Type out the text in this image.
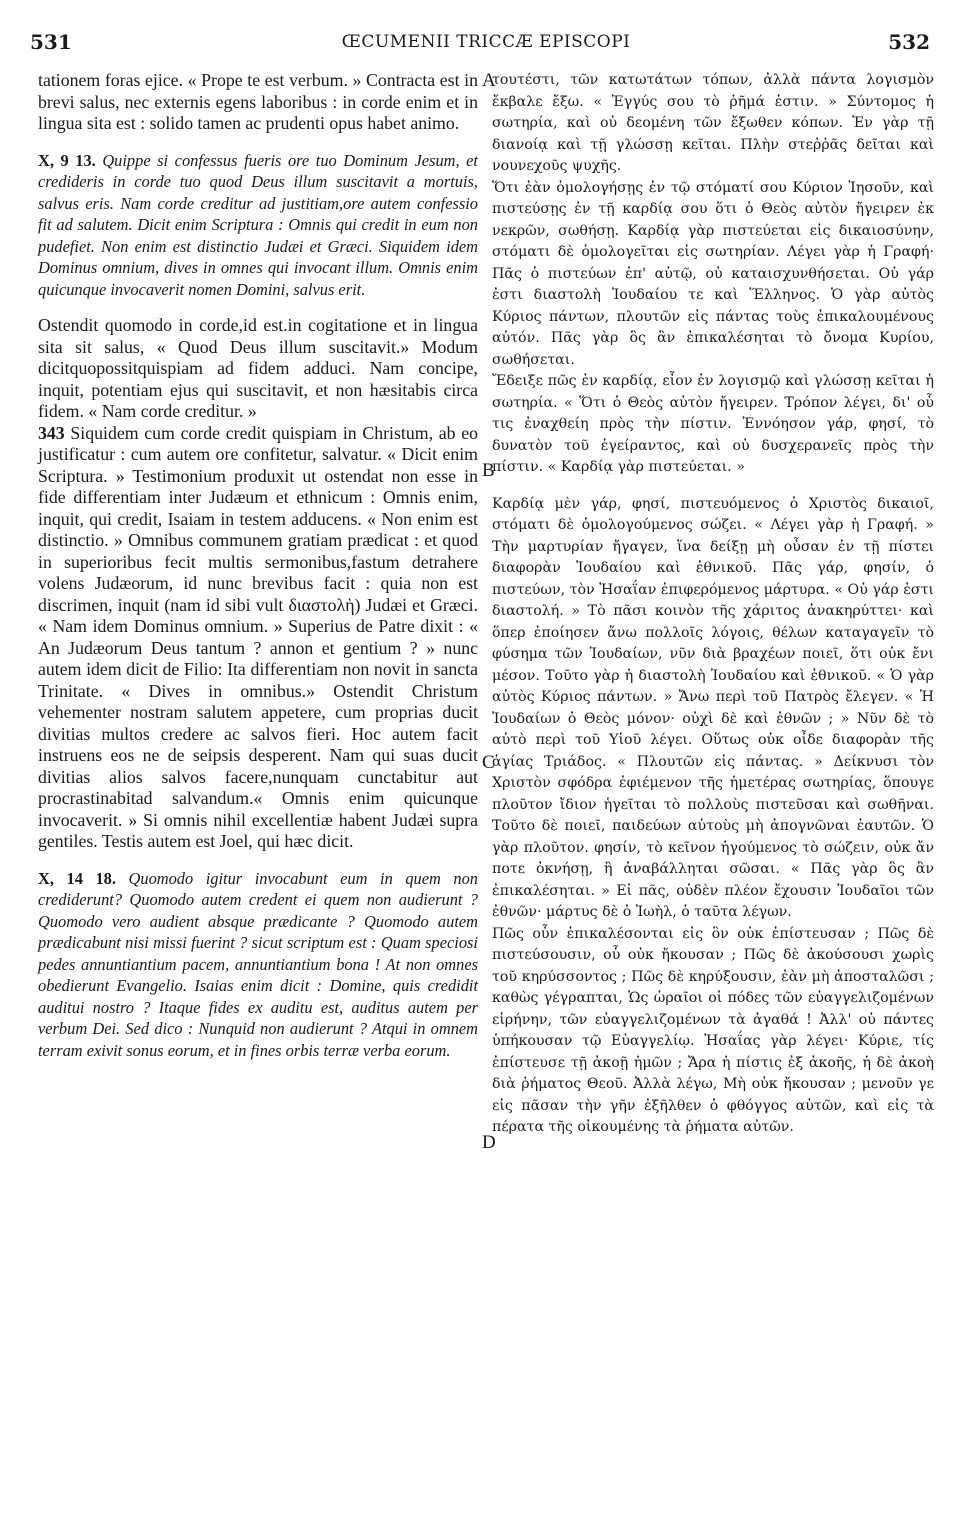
531	ŒCUMENII TRICCÆ EPISCOPI	532

tationem foras ejice. « Prope te est verbum. » Contracta est in brevi salus, nec externis egens laboribus : in corde enim et in lingua sita est : solido tamen ac prudenti opus habet animo.

X, 9 13. Quippe si confessus fueris ore tuo Dominum Jesum, et credideris in corde tuo quod Deus illum suscitavit a mortuis, salvus eris. Nam corde creditur ad justitiam,ore autem confessio fit ad salutem. Dicit enim Scriptura : Omnis qui credit in eum non pudefiet. Non enim est distinctio Judæi et Græci. Siquidem idem Dominus omnium, dives in omnes qui invocant illum. Omnis enim quicunque invocaverit nomen Domini, salvus erit.

Ostendit quomodo in corde,id est.in cogitatione et in lingua sita sit salus, « Quod Deus illum suscitavit.» Modum dicitquopossitquispiam ad fidem adduci. Nam concipe, inquit, potentiam ejus qui suscitavit, et non hæsitabis circa fidem. « Nam corde creditur. »

343 Siquidem cum corde credit quispiam in Christum, ab eo justificatur : cum autem ore confitetur, salvatur. « Dicit enim Scriptura. » Testimonium produxit ut ostendat non esse in fide differentiam inter Judæum et ethnicum : Omnis enim, inquit, qui credit, Isaiam in testem adducens. « Non enim est distinctio. » Omnibus communem gratiam prædicat : et quod in superioribus fecit multis sermonibus,fastum detrahere volens Judæorum, id nunc brevibus facit : quia non est discrimen, inquit (nam id sibi vult διαστολὴ) Judæi et Græci. « Nam idem Dominus omnium. » Superius de Patre dixit : « An Judæorum Deus tantum ? annon et gentium ? » nunc autem idem dicit de Filio: Ita differentiam non novit in sancta Trinitate. « Dives in omnibus.» Ostendit Christum vehementer nostram salutem appetere, cum proprias ducit divitias multos credere ac salvos fieri. Hoc autem facit instruens eos ne de seipsis desperent. Nam qui suas ducit divitias alios salvos facere,nunquam cunctabitur aut procrastinabitad salvandum.« Omnis enim quicunque invocaverit. » Si omnis nihil excellentiæ habent Judæi supra gentiles. Testis autem est Joel, qui hæc dicit.

X, 14 18. Quomodo igitur invocabunt eum in quem non crediderunt? Quomodo autem credent ei quem non audierunt ? Quomodo vero audient absque prædicante ? Quomodo autem prædicabunt nisi missi fuerint ? sicut scriptum est : Quam speciosi pedes annuntiantium pacem, annuntiantium bona ! At non omnes obedierunt Evangelio. Isaias enim dicit : Domine, quis credidit auditui nostro ? Itaque fides ex auditu est, auditus autem per verbum Dei. Sed dico : Nunquid non audierunt ? Atqui in omnem terram exivit sonus eorum, et in fines orbis terræ verba eorum.

A
B
C
D

τουτέστι, τῶν κατωτάτων τόπων, ἀλλὰ πάντα λογισμὸν ἔκβαλε ἔξω. « Ἐγγύς σου τὸ ῥῆμά ἐστιν. » Σύντομος ἡ σωτηρία, καὶ οὐ δεομένη τῶν ἔξωθεν κόπων. Ἐν γὰρ τῇ διανοίᾳ καὶ τῇ γλώσσῃ κεῖται. Πλὴν στεῤῥᾶς δεῖται καὶ νουνεχοῦς ψυχῆς.

Ὅτι ἐὰν ὁμολογήσῃς ἐν τῷ στόματί σου Κύριον Ἰησοῦν, καὶ πιστεύσῃς ἐν τῇ καρδίᾳ σου ὅτι ὁ Θεὸς αὐτὸν ἤγειρεν ἐκ νεκρῶν, σωθήσῃ. Καρδίᾳ γὰρ πιστεύεται εἰς δικαιοσύνην, στόματι δὲ ὁμολογεῖται εἰς σωτηρίαν. Λέγει γὰρ ἡ Γραφή· Πᾶς ὁ πιστεύων ἐπ' αὐτῷ, οὐ καταισχυνθήσεται. Οὐ γάρ ἐστι διαστολὴ Ἰουδαίου τε καὶ Ἕλληνος. Ὁ γὰρ αὐτὸς Κύριος πάντων, πλουτῶν εἰς πάντας τοὺς ἐπικαλουμένους αὐτόν. Πᾶς γὰρ ὃς ἂν ἐπικαλέσηται τὸ ὄνομα Κυρίου, σωθήσεται.

Ἔδειξε πῶς ἐν καρδίᾳ, εἶον ἐν λογισμῷ καὶ γλώσσῃ κεῖται ἡ σωτηρία. « Ὅτι ὁ Θεὸς αὐτὸν ἤγειρεν. Τρόπον λέγει, δι' οὗ τις ἐναχθείη πρὸς τὴν πίστιν. Ἐννόησον γάρ, φησί, τὸ δυνατὸν τοῦ ἐγείραντος, καὶ οὐ δυσχερανεῖς πρὸς τὴν πίστιν. « Καρδίᾳ γὰρ πιστεύεται. »

Καρδίᾳ μὲν γάρ, φησί, πιστευόμενος ὁ Χριστὸς δικαιοῖ, στόματι δὲ ὁμολογούμενος σώζει. « Λέγει γὰρ ἡ Γραφή. » Τὴν μαρτυρίαν ἤγαγεν, ἵνα δείξῃ μὴ οὖσαν ἐν τῇ πίστει διαφορὰν Ἰουδαίου καὶ ἐθνικοῦ. Πᾶς γάρ, φησίν, ὁ πιστεύων, τὸν Ἠσαΐαν ἐπιφερόμενος μάρτυρα. « Οὐ γάρ ἐστι διαστολή. » Τὸ πᾶσι κοινὸν τῆς χάριτος ἀνακηρύττει· καὶ ὅπερ ἐποίησεν ἄνω πολλοῖς λόγοις, θέλων καταγαγεῖν τὸ φύσημα τῶν Ἰουδαίων, νῦν διὰ βραχέων ποιεῖ, ὅτι οὐκ ἔνι μέσον. Τοῦτο γὰρ ἡ διαστολὴ Ἰουδαίου καὶ ἐθνικοῦ. « Ὁ γὰρ αὐτὸς Κύριος πάντων. » Ἄνω περὶ τοῦ Πατρὸς ἔλεγεν. « Ἡ Ἰουδαίων ὁ Θεὸς μόνον· οὐχὶ δὲ καὶ ἐθνῶν ; » Νῦν δὲ τὸ αὐτὸ περὶ τοῦ Υἱοῦ λέγει. Οὕτως οὐκ οἶδε διαφορὰν τῆς ἁγίας Τριάδος. « Πλουτῶν εἰς πάντας. » Δείκνυσι τὸν Χριστὸν σφόδρα ἐφιέμενον τῆς ἡμετέρας σωτηρίας, ὅπουγε πλοῦτον ἴδιον ἡγεῖται τὸ πολλοὺς πιστεῦσαι καὶ σωθῆναι. Τοῦτο δὲ ποιεῖ, παιδεύων αὐτοὺς μὴ ἀπογνῶναι ἑαυτῶν. Ὁ γὰρ πλοῦτον. φησίν, τὸ κεῖνον ἡγούμενος τὸ σώζειν, οὐκ ἄν ποτε ὀκνήσῃ, ἢ ἀναβάλληται σῶσαι. « Πᾶς γὰρ ὃς ἂν ἐπικαλέσηται. » Εἰ πᾶς, οὐδὲν πλέον ἔχουσιν Ἰουδαῖοι τῶν ἐθνῶν· μάρτυς δὲ ὁ Ἰωὴλ, ὁ ταῦτα λέγων.

Πῶς οὖν ἐπικαλέσονται εἰς ὃν οὐκ ἐπίστευσαν ; Πῶς δὲ πιστεύσουσιν, οὗ οὐκ ἤκουσαν ; Πῶς δὲ ἀκούσουσι χωρὶς τοῦ κηρύσσοντος ; Πῶς δὲ κηρύξουσιν, ἐὰν μὴ ἀποσταλῶσι ; καθὼς γέγραπται, Ὡς ὡραῖοι οἱ πόδες τῶν εὐαγγελιζομένων εἰρήνην, τῶν εὐαγγελιζομένων τὰ ἀγαθά ! Ἀλλ' οὐ πάντες ὑπήκουσαν τῷ Εὐαγγελίῳ. Ἠσαΐας γὰρ λέγει· Κύριε, τίς ἐπίστευσε τῇ ἀκοῇ ἡμῶν ; Ἄρα ἡ πίστις ἐξ ἀκοῆς, ἡ δὲ ἀκοὴ διὰ ῥήματος Θεοῦ. Ἀλλὰ λέγω, Μὴ οὐκ ἤκουσαν ; μενοῦν γε εἰς πᾶσαν τὴν γῆν ἐξῆλθεν ὁ φθόγγος αὐτῶν, καὶ εἰς τὰ πέρατα τῆς οἰκουμένης τὰ ῥήματα αὐτῶν.
